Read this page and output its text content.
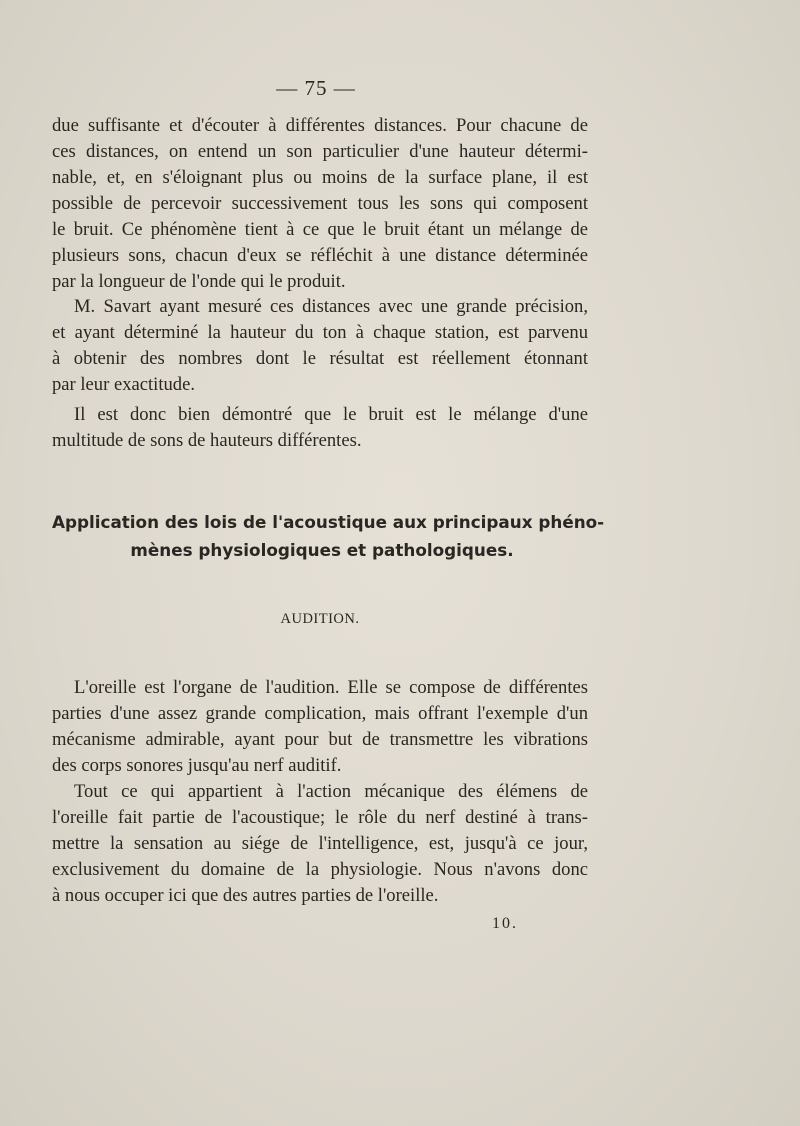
— 75 —
due suffisante et d'écouter à différentes distances. Pour chacune de
ces distances, on entend un son particulier d'une hauteur détermi-
nable, et, en s'éloignant plus ou moins de la surface plane, il est
possible de percevoir successivement tous les sons qui composent
le bruit. Ce phénomène tient à ce que le bruit étant un mélange de
plusieurs sons, chacun d'eux se réfléchit à une distance déterminée
par la longueur de l'onde qui le produit.
M. Savart ayant mesuré ces distances avec une grande précision,
et ayant déterminé la hauteur du ton à chaque station, est parvenu
à obtenir des nombres dont le résultat est réellement étonnant
par leur exactitude.
Il est donc bien démontré que le bruit est le mélange d'une
multitude de sons de hauteurs différentes.
Application des lois de l'acoustique aux principaux phéno-
mènes physiologiques et pathologiques.
AUDITION.
L'oreille est l'organe de l'audition. Elle se compose de différentes
parties d'une assez grande complication, mais offrant l'exemple d'un
mécanisme admirable, ayant pour but de transmettre les vibrations
des corps sonores jusqu'au nerf auditif.
Tout ce qui appartient à l'action mécanique des élémens de
l'oreille fait partie de l'acoustique; le rôle du nerf destiné à trans-
mettre la sensation au siége de l'intelligence, est, jusqu'à ce jour,
exclusivement du domaine de la physiologie. Nous n'avons donc
à nous occuper ici que des autres parties de l'oreille.
10.
